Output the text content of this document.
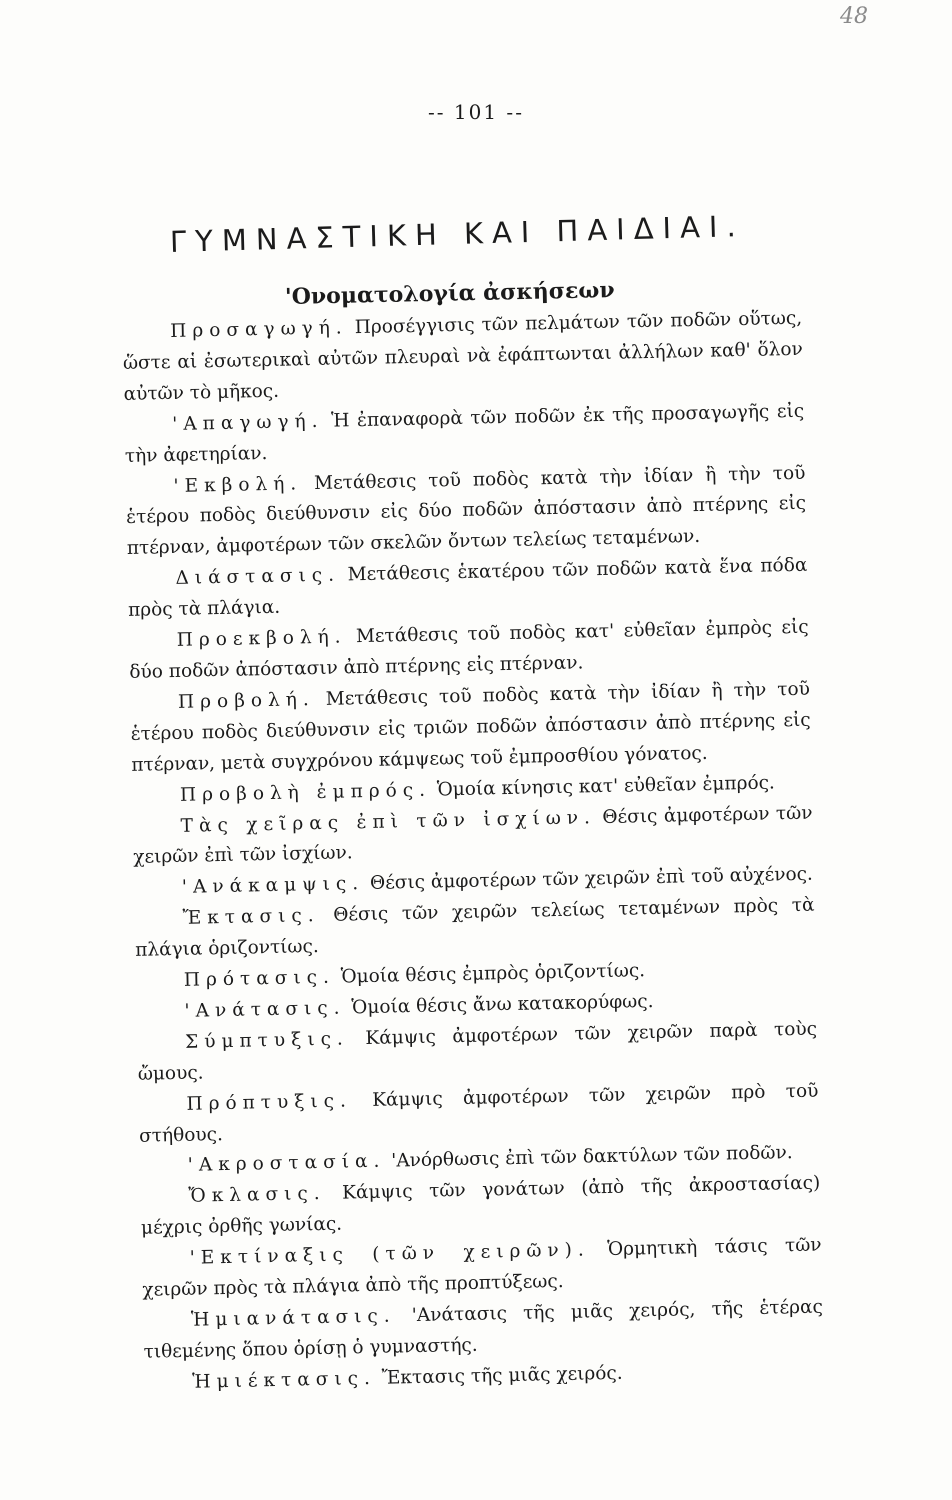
48
-- 101 --
ΓΥΜΝΑΣΤΙΚΗ ΚΑΙ ΠΑΙΔΙΑΙ.
'Ονοματολογία ἀσκήσεων

Προσαγωγή. Προσέγγισις τῶν πελμάτων τῶν ποδῶν οὕτως, ὥστε αἱ ἐσωτερικαὶ αὐτῶν πλευραὶ νὰ ἐφάπτωνται ἀλλήλων καθ' ὅλον αὐτῶν τὸ μῆκος.

'Απαγωγή. Ἡ ἐπαναφορὰ τῶν ποδῶν ἐκ τῆς προσαγωγῆς εἰς τὴν ἀφετηρίαν.

'Εκβολή. Μετάθεσις τοῦ ποδὸς κατὰ τὴν ἰδίαν ἢ τὴν τοῦ ἑτέρου ποδὸς διεύθυνσιν εἰς δύο ποδῶν ἀπόστασιν ἀπὸ πτέρνης εἰς πτέρναν, ἀμφοτέρων τῶν σκελῶν ὄντων τελείως τεταμένων.

Διάστασις. Μετάθεσις ἑκατέρου τῶν ποδῶν κατὰ ἕνα πόδα πρὸς τὰ πλάγια.

Προεκβολή. Μετάθεσις τοῦ ποδὸς κατ' εὐθεῖαν ἐμπρὸς εἰς δύο ποδῶν ἀπόστασιν ἀπὸ πτέρνης εἰς πτέρναν.

Προβολή. Μετάθεσις τοῦ ποδὸς κατὰ τὴν ἰδίαν ἢ τὴν τοῦ ἑτέρου ποδὸς διεύθυνσιν εἰς τριῶν ποδῶν ἀπόστασιν ἀπὸ πτέρνης εἰς πτέρναν, μετὰ συγχρόνου κάμψεως τοῦ ἐμπροσθίου γόνατος.

Προβολὴ ἐμπρός. Ὁμοία κίνησις κατ' εὐθεῖαν ἐμπρός.

Τὰς χεῖρας ἐπὶ τῶν ἰσχίων. Θέσις ἀμφοτέρων τῶν χειρῶν ἐπὶ τῶν ἰσχίων.

'Ανάκαμψις. Θέσις ἀμφοτέρων τῶν χειρῶν ἐπὶ τοῦ αὐχένος.

Ἔκτασις. Θέσις τῶν χειρῶν τελείως τεταμένων πρὸς τὰ πλάγια ὁριζοντίως.

Πρότασις. Ὁμοία θέσις ἐμπρὸς ὁριζοντίως.

'Ανάτασις. Ὁμοία θέσις ἄνω κατακορύφως.

Σύμπτυξις. Κάμψις ἀμφοτέρων τῶν χειρῶν παρὰ τοὺς ὤμους.

Πρόπτυξις. Κάμψις ἀμφοτέρων τῶν χειρῶν πρὸ τοῦ στήθους.

'Ακροστασία. 'Ανόρθωσις ἐπὶ τῶν δακτύλων τῶν ποδῶν.

Ὄκλασις. Κάμψις τῶν γονάτων (ἀπὸ τῆς ἀκροστασίας) μέχρις ὀρθῆς γωνίας.

'Εκτίναξις (τῶν χειρῶν). Ὁρμητικὴ τάσις τῶν χειρῶν πρὸς τὰ πλάγια ἀπὸ τῆς προπτύξεως.

Ἡμιανάτασις. 'Ανάτασις τῆς μιᾶς χειρός, τῆς ἑτέρας τιθεμένης ὅπου ὁρίσῃ ὁ γυμναστής.

Ἡμιέκτασις. Ἔκτασις τῆς μιᾶς χειρός.
